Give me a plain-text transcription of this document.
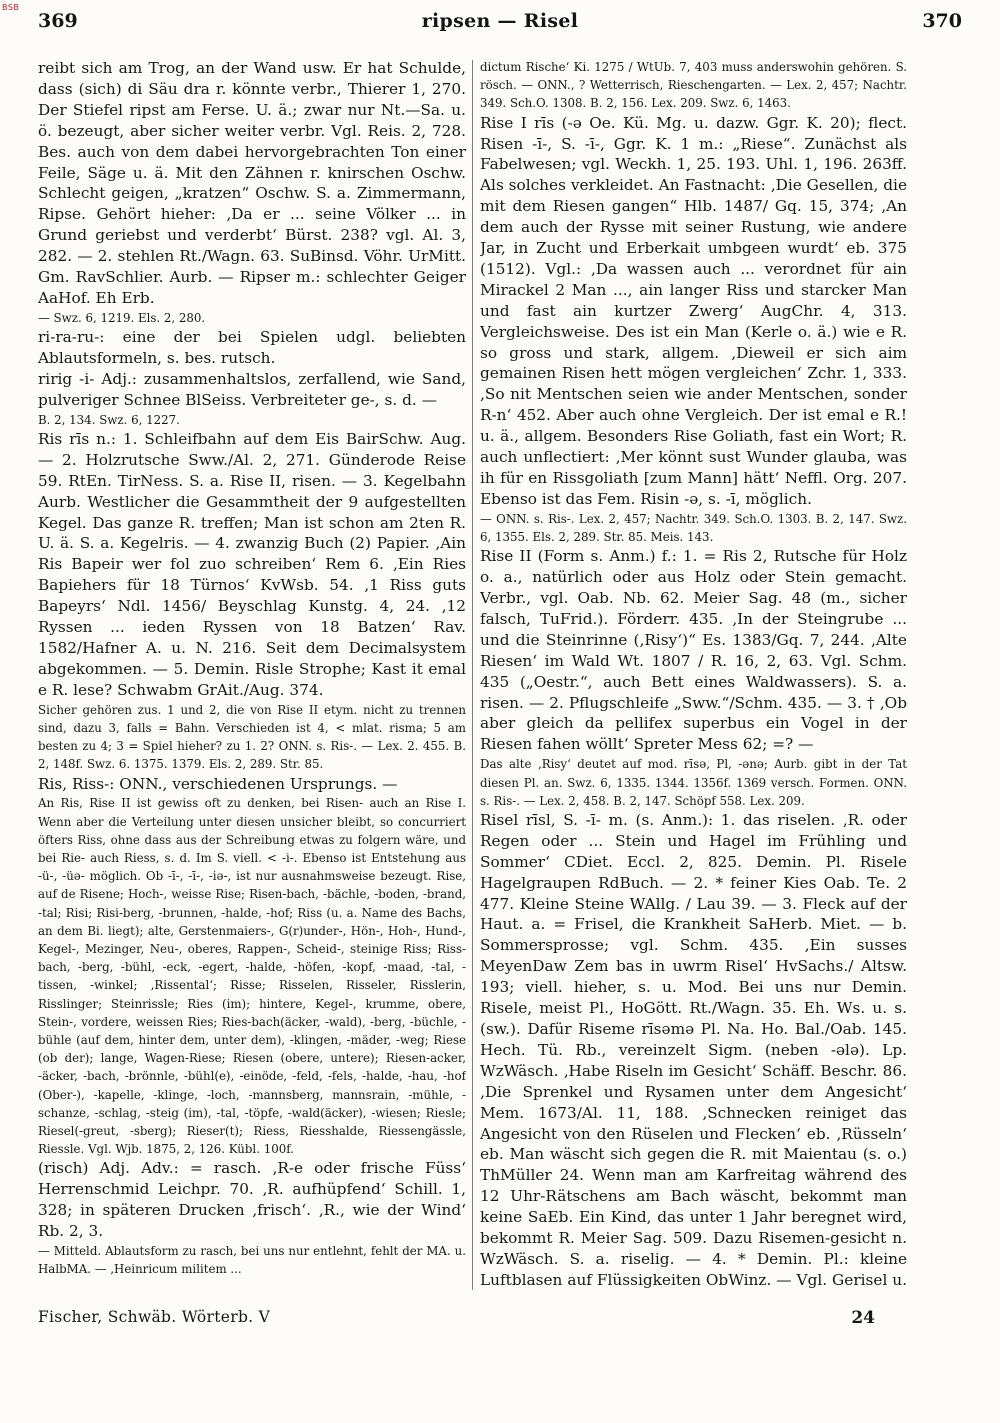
BSB
369	ripsen — Risel	370

reibt sich am Trog, an der Wand usw. Er hat Schulde, dass (sich) di Säu dra r. könnte verbr., Thierer 1, 270. Der Stiefel ripst am Ferse. U. ä.; zwar nur Nt.—Sa. u. ö. bezeugt, aber sicher weiter verbr. Vgl. Reis. 2, 728. Bes. auch von dem dabei hervorgebrachten Ton einer Feile, Säge u. ä. Mit den Zähnen r. knirschen Oschw. Schlecht geigen, „kratzen“ Oschw. S. a. Zimmermann, Ripse. Gehört hieher: ‚Da er ... seine Völker ... in Grund geriebst und verderbt‘ Bürst. 238? vgl. Al. 3, 282. — 2. stehlen Rt./Wagn. 63. SuBinsd. Vöhr. UrMitt. Gm. RavSchlier. Aurb. — Ripser m.: schlechter Geiger AaHof. Eh Erb.

— Swz. 6, 1219. Els. 2, 280.

ri-ra-ru-: eine der bei Spielen udgl. beliebten Ablautsformeln, s. bes. rutsch.

ririg -i- Adj.: zusammenhaltslos, zerfallend, wie Sand, pulveriger Schnee BlSeiss. Verbreiteter ge-, s. d. —

B. 2, 134. Swz. 6, 1227.

Ris rīs n.: 1. Schleifbahn auf dem Eis BairSchw. Aug. — 2. Holzrutsche Sww./Al. 2, 271. Günderode Reise 59. RtEn. TirNess. S. a. Rise II, risen. — 3. Kegelbahn Aurb. Westlicher die Gesammtheit der 9 aufgestellten Kegel. Das ganze R. treffen; Man ist schon am 2ten R. U. ä. S. a. Kegelris. — 4. zwanzig Buch (2) Papier. ‚Ain Ris Bapeir wer fol zuo schreiben‘ Rem 6. ‚Ein Ries Bapiehers für 18 Türnos‘ KvWsb. 54. ‚1 Riss guts Bapeyrs‘ Ndl. 1456/ Beyschlag Kunstg. 4, 24. ‚12 Ryssen ... ieden Ryssen von 18 Batzen‘ Rav. 1582/Hafner A. u. N. 216. Seit dem Decimalsystem abgekommen. — 5. Demin. Risle Strophe; Kast it emal e R. lese? Schwabm GrAit./Aug. 374.

Sicher gehören zus. 1 und 2, die von Rise II etym. nicht zu trennen sind, dazu 3, falls = Bahn. Verschieden ist 4, < mlat. risma; 5 am besten zu 4; 3 = Spiel hieher? zu 1. 2? ONN. s. Ris-. — Lex. 2. 455. B. 2, 148f. Swz. 6. 1375. 1379. Els. 2, 289. Str. 85.

Ris, Riss-: ONN., verschiedenen Ursprungs. —

An Ris, Rise II ist gewiss oft zu denken, bei Risen- auch an Rise I. Wenn aber die Verteilung unter diesen unsicher bleibt, so concurriert öfters Riss, ohne dass aus der Schreibung etwas zu folgern wäre, und bei Rie- auch Riess, s. d. Im S. viell. < -i-. Ebenso ist Entstehung aus -ü-, -üə- möglich. Ob -ī-, -ī-, -iə-, ist nur ausnahmsweise bezeugt. Rise, auf de Risene; Hoch-, weisse Rise; Risen-bach, -bächle, -boden, -brand, -tal; Risi; Risi-berg, -brunnen, -halde, -hof; Riss (u. a. Name des Bachs, an dem Bi. liegt); alte, Gerstenmaiers-, G(r)under-, Hön-, Hoh-, Hund-, Kegel-, Mezinger, Neu-, oberes, Rappen-, Scheid-, steinige Riss; Riss-bach, -berg, -bühl, -eck, -egert, -halde, -höfen, -kopf, -maad, -tal, -tissen, -winkel; ‚Rissental‘; Risse; Risselen, Risseler, Risslerin, Risslinger; Steinrissle; Ries (im); hintere, Kegel-, krumme, obere, Stein-, vordere, weissen Ries; Ries-bach(äcker, -wald), -berg, -büchle, -bühle (auf dem, hinter dem, unter dem), -klingen, -mäder, -weg; Riese (ob der); lange, Wagen-Riese; Riesen (obere, untere); Riesen-acker, -äcker, -bach, -brönnle, -bühl(e), -einöde, -feld, -fels, -halde, -hau, -hof (Ober-), -kapelle, -klinge, -loch, -mannsberg, mannsrain, -mühle, -schanze, -schlag, -steig (im), -tal, -töpfe, -wald(äcker), -wiesen; Riesle; Riesel(-greut, -sberg); Rieser(t); Riess, Riesshalde, Riessengässle, Riessle. Vgl. Wjb. 1875, 2, 126. Kübl. 100f.

(risch) Adj. Adv.: = rasch. ‚R-e oder frische Füss‘ Herrenschmid Leichpr. 70. ‚R. aufhüpfend‘ Schill. 1, 328; in späteren Drucken ‚frisch‘. ‚R., wie der Wind‘ Rb. 2, 3.

— Mitteld. Ablautsform zu rasch, bei uns nur entlehnt, fehlt der MA. u. HalbMA. — ‚Heinricum militem ...

dictum Rische‘ Ki. 1275 / WtUb. 7, 403 muss anderswohin gehören. S. rösch. — ONN., ? Wetterrisch, Rieschengarten. — Lex. 2, 457; Nachtr. 349. Sch.O. 1308. B. 2, 156. Lex. 209. Swz. 6, 1463.

Rise I rīs (-ǝ Oe. Kü. Mg. u. dazw. Ggr. K. 20); flect. Risen -ī-, S. -ī-, Ggr. K. 1 m.: „Riese“. Zunächst als Fabelwesen; vgl. Weckh. 1, 25. 193. Uhl. 1, 196. 263ff. Als solches verkleidet. An Fastnacht: ‚Die Gesellen, die mit dem Riesen gangen“ Hlb. 1487/ Gq. 15, 374; ‚An dem auch der Rysse mit seiner Rustung, wie andere Jar, in Zucht und Erberkait umbgeen wurdt‘ eb. 375 (1512). Vgl.: ‚Da wassen auch ... verordnet für ain Mirackel 2 Man ..., ain langer Riss und starcker Man und fast ain kurtzer Zwerg‘ AugChr. 4, 313. Vergleichsweise. Des ist ein Man (Kerle o. ä.) wie e R. so gross und stark, allgem. ‚Dieweil er sich aim gemainen Risen hett mögen vergleichen‘ Zchr. 1, 333. ‚So nit Mentschen seien wie ander Mentschen, sonder R-n‘ 452. Aber auch ohne Vergleich. Der ist emal e R.! u. ä., allgem. Besonders Rise Goliath, fast ein Wort; R. auch unflectiert: ‚Mer könnt sust Wunder glauba, was ih für en Rissgoliath [zum Mann] hätt‘ Neffl. Org. 207. Ebenso ist das Fem. Risin -ǝ, s. -ī, möglich.

— ONN. s. Ris-. Lex. 2, 457; Nachtr. 349. Sch.O. 1303. B. 2, 147. Swz. 6, 1355. Els. 2, 289. Str. 85. Meis. 143.

Rise II (Form s. Anm.) f.: 1. = Ris 2, Rutsche für Holz o. a., natürlich oder aus Holz oder Stein gemacht. Verbr., vgl. Oab. Nb. 62. Meier Sag. 48 (m., sicher falsch, TuFrid.). Förderr. 435. ‚In der Steingrube ... und die Steinrinne (‚Risy‘)“ Es. 1383/Gq. 7, 244. ‚Alte Riesen‘ im Wald Wt. 1807 / R. 16, 2, 63. Vgl. Schm. 435 („Oestr.“, auch Bett eines Waldwassers). S. a. risen. — 2. Pflugschleife „Sww.“/Schm. 435. — 3. † ‚Ob aber gleich da pellifex superbus ein Vogel in der Riesen fahen wöllt‘ Spreter Mess 62; =? —

Das alte ‚Risy‘ deutet auf mod. rīsǝ, Pl, -ǝnǝ; Aurb. gibt in der Tat diesen Pl. an. Swz. 6, 1335. 1344. 1356f. 1369 versch. Formen. ONN. s. Ris-. — Lex. 2, 458. B. 2, 147. Schöpf 558. Lex. 209.

Risel rīsl, S. -ī- m. (s. Anm.): 1. das riselen. ‚R. oder Regen oder ... Stein und Hagel im Frühling und Sommer‘ CDiet. Eccl. 2, 825. Demin. Pl. Risele Hagelgraupen RdBuch. — 2. * feiner Kies Oab. Te. 2 477. Kleine Steine WAllg. / Lau 39. — 3. Fleck auf der Haut. a. = Frisel, die Krankheit SaHerb. Miet. — b. Sommersprosse; vgl. Schm. 435. ‚Ein susses MeyenDaw Zem bas in uwrm Risel‘ HvSachs./ Altsw. 193; viell. hieher, s. u. Mod. Bei uns nur Demin. Risele, meist Pl., HoGött. Rt./Wagn. 35. Eh. Ws. u. s. (sw.). Dafür Riseme rīsǝmǝ Pl. Na. Ho. Bal./Oab. 145. Hech. Tü. Rb., vereinzelt Sigm. (neben -ǝlǝ). Lp. WzWäsch. ‚Habe Riseln im Gesicht‘ Schäff. Beschr. 86. ‚Die Sprenkel und Rysamen unter dem Angesicht‘ Mem. 1673/Al. 11, 188. ‚Schnecken reiniget das Angesicht von den Rüselen und Flecken‘ eb. ‚Rüsseln‘ eb. Man wäscht sich gegen die R. mit Maientau (s. o.) ThMüller 24. Wenn man am Karfreitag während des 12 Uhr-Rätschens am Bach wäscht, bekommt man keine SaEb. Ein Kind, das unter 1 Jahr beregnet wird, bekommt R. Meier Sag. 509. Dazu Risemen-gesicht n. WzWäsch. S. a. riselig. — 4. * Demin. Pl.: kleine Luftblasen auf Flüssigkeiten ObWinz. — Vgl. Gerisel u.

Fischer, Schwäb. Wörterb. V	24
